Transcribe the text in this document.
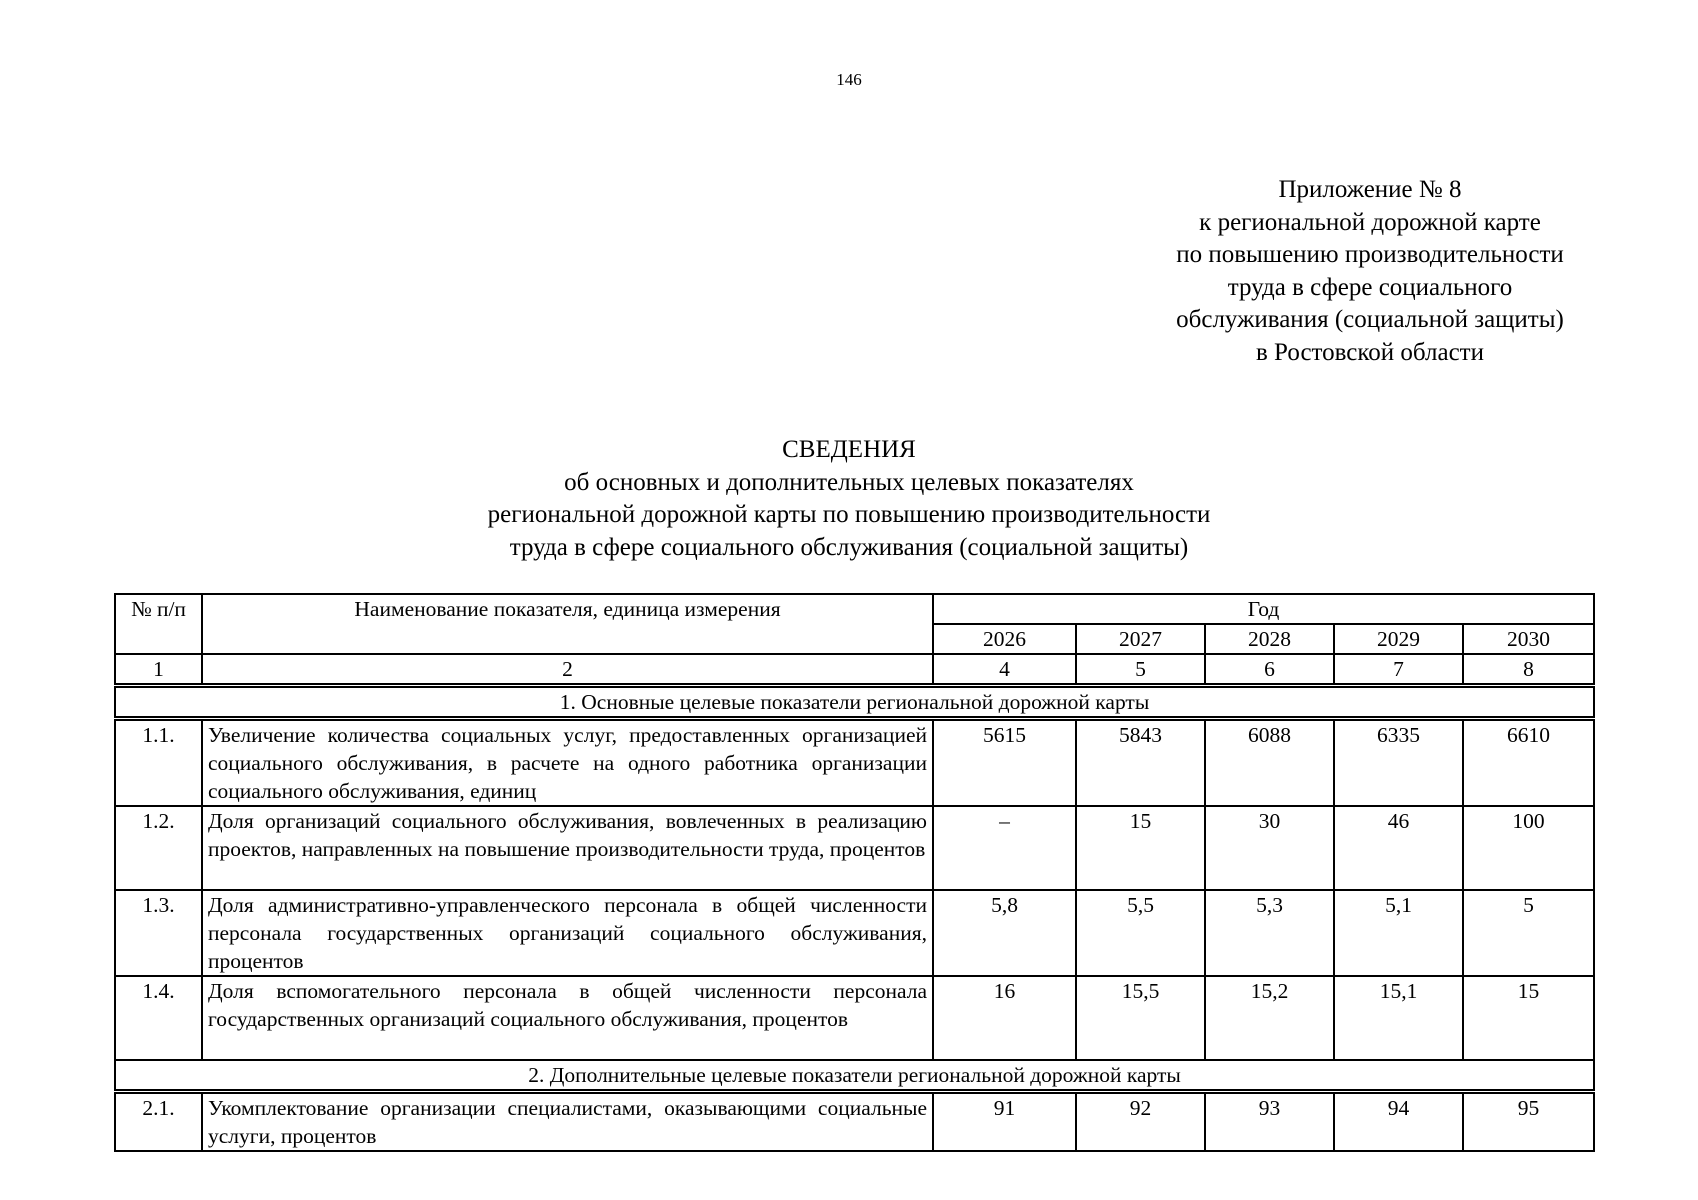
146
Приложение № 8
к региональной дорожной карте
по повышению производительности
труда в сфере социального
обслуживания (социальной защиты)
в Ростовской области
СВЕДЕНИЯ
об основных и дополнительных целевых показателях
региональной дорожной карты по повышению производительности
труда в сфере социального обслуживания (социальной защиты)
№ п/п	Наименование показателя, единица измерения	Год				
		2026	2027	2028	2029	2030
1	2	4	5	6	7	8
1. Основные целевые показатели региональной дорожной карты						
1.1.	Увеличение количества социальных услуг, предоставленных организацией социального обслуживания, в расчете на одного работника организации социального обслуживания, единиц	5615	5843	6088	6335	6610
1.2.	Доля организаций социального обслуживания, вовлеченных в реализацию проектов, направленных на повышение производительности труда, процентов	–	15	30	46	100
1.3.	Доля административно-управленческого персонала в общей численности персонала государственных организаций социального обслуживания, процентов	5,8	5,5	5,3	5,1	5
1.4.	Доля вспомогательного персонала в общей численности персонала государственных организаций социального обслуживания, процентов	16	15,5	15,2	15,1	15
2. Дополнительные целевые показатели региональной дорожной карты						
2.1.	Укомплектование организации специалистами, оказывающими социальные услуги, процентов	91	92	93	94	95
